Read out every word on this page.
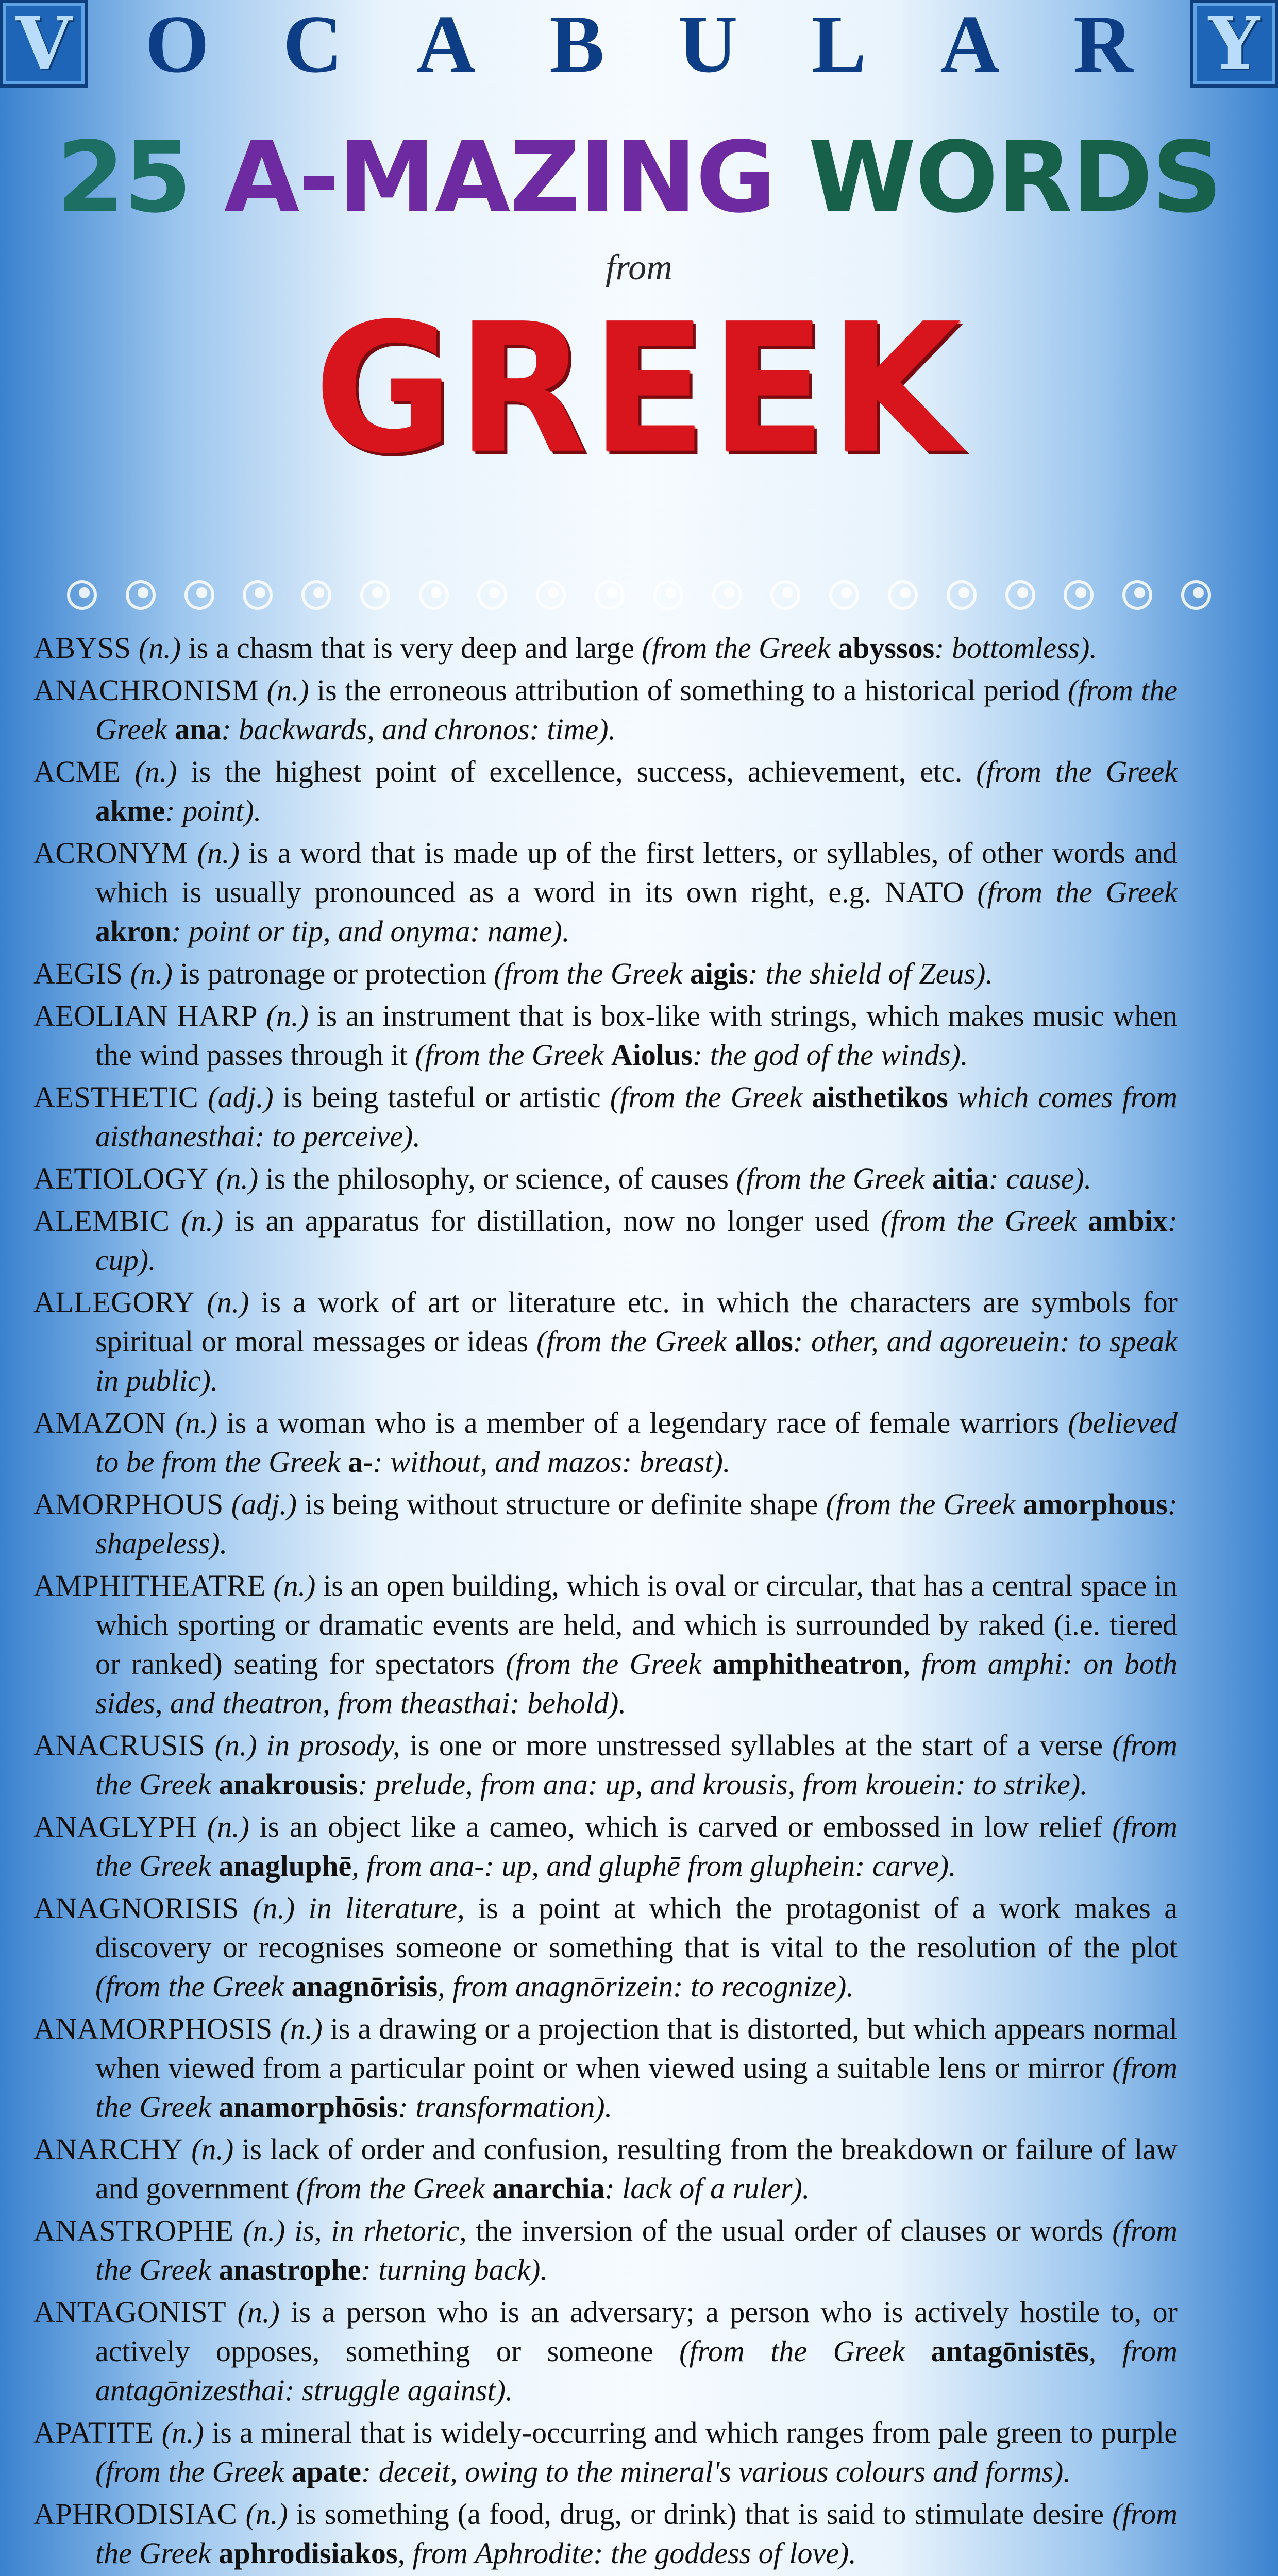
V O C A B U L A R Y
25 A-MAZING WORDS
from
GREEK
ABYSS (n.) is a chasm that is very deep and large (from the Greek abyssos: bottomless).
ANACHRONISM (n.) is the erroneous attribution of something to a historical period (from the Greek ana: backwards, and chronos: time).
ACME (n.) is the highest point of excellence, success, achievement, etc. (from the Greek akme: point).
ACRONYM (n.) is a word that is made up of the first letters, or syllables, of other words and which is usually pronounced as a word in its own right, e.g. NATO (from the Greek akron: point or tip, and onyma: name).
AEGIS (n.) is patronage or protection (from the Greek aigis: the shield of Zeus).
AEOLIAN HARP (n.) is an instrument that is box-like with strings, which makes music when the wind passes through it (from the Greek Aiolus: the god of the winds).
AESTHETIC (adj.) is being tasteful or artistic (from the Greek aisthetikos which comes from aisthanesthai: to perceive).
AETIOLOGY (n.) is the philosophy, or science, of causes (from the Greek aitia: cause).
ALEMBIC (n.) is an apparatus for distillation, now no longer used (from the Greek ambix: cup).
ALLEGORY (n.) is a work of art or literature etc. in which the characters are symbols for spiritual or moral messages or ideas (from the Greek allos: other, and agoreuein: to speak in public).
AMAZON (n.) is a woman who is a member of a legendary race of female warriors (believed to be from the Greek a-: without, and mazos: breast).
AMORPHOUS (adj.) is being without structure or definite shape (from the Greek amorphous: shapeless).
AMPHITHEATRE (n.) is an open building, which is oval or circular, that has a central space in which sporting or dramatic events are held, and which is surrounded by raked (i.e. tiered or ranked) seating for spectators (from the Greek amphitheatron, from amphi: on both sides, and theatron, from theasthai: behold).
ANACRUSIS (n.) in prosody, is one or more unstressed syllables at the start of a verse (from the Greek anakrousis: prelude, from ana: up, and krousis, from krouein: to strike).
ANAGLYPH (n.) is an object like a cameo, which is carved or embossed in low relief (from the Greek anagluphē, from ana-: up, and gluphē from gluphein: carve).
ANAGNORISIS (n.) in literature, is a point at which the protagonist of a work makes a discovery or recognises someone or something that is vital to the resolution of the plot (from the Greek anagnōrisis, from anagnōrizein: to recognize).
ANAMORPHOSIS (n.) is a drawing or a projection that is distorted, but which appears normal when viewed from a particular point or when viewed using a suitable lens or mirror (from the Greek anamorphōsis: transformation).
ANARCHY (n.) is lack of order and confusion, resulting from the breakdown or failure of law and government (from the Greek anarchia: lack of a ruler).
ANASTROPHE (n.) is, in rhetoric, the inversion of the usual order of clauses or words (from the Greek anastrophe: turning back).
ANTAGONIST (n.) is a person who is an adversary; a person who is actively hostile to, or actively opposes, something or someone (from the Greek antagōnistēs, from antagōnizesthai: struggle against).
APATITE (n.) is a mineral that is widely-occurring and which ranges from pale green to purple (from the Greek apate: deceit, owing to the mineral's various colours and forms).
APHRODISIAC (n.) is something (a food, drug, or drink) that is said to stimulate desire (from the Greek aphrodisiakos, from Aphrodite: the goddess of love).
